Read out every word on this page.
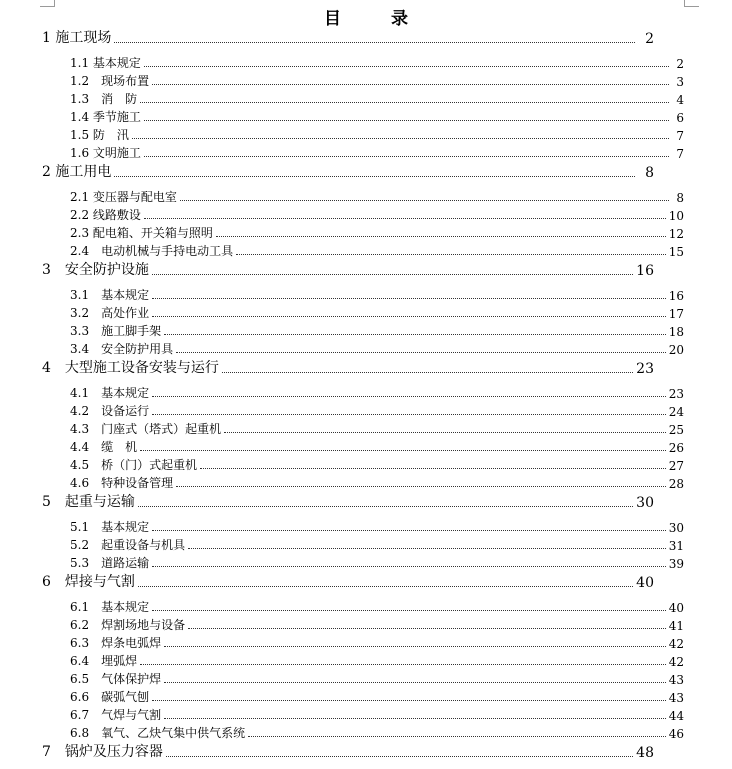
目 录
1 施工现场	2
1.1 基本规定	2
1.2　现场布置	3
1.3　消　防	4
1.4 季节施工	6
1.5 防　汛	7
1.6 文明施工	7
2 施工用电	8
2.1 变压器与配电室	8
2.2 线路敷设	10
2.3 配电箱、开关箱与照明	12
2.4　电动机械与手持电动工具	15
3　安全防护设施	16
3.1　基本规定	16
3.2　高处作业	17
3.3　施工脚手架	18
3.4　安全防护用具	20
4　大型施工设备安装与运行	23
4.1　基本规定	23
4.2　设备运行	24
4.3　门座式（塔式）起重机	25
4.4　缆　机	26
4.5　桥（门）式起重机	27
4.6　特种设备管理	28
5　起重与运输	30
5.1　基本规定	30
5.2　起重设备与机具	31
5.3　道路运输	39
6　焊接与气割	40
6.1　基本规定	40
6.2　焊割场地与设备	41
6.3　焊条电弧焊	42
6.4　埋弧焊	42
6.5　气体保护焊	43
6.6　碳弧气刨	43
6.7　气焊与气割	44
6.8　氧气、乙炔气集中供气系统	46
7　锅炉及压力容器	48
